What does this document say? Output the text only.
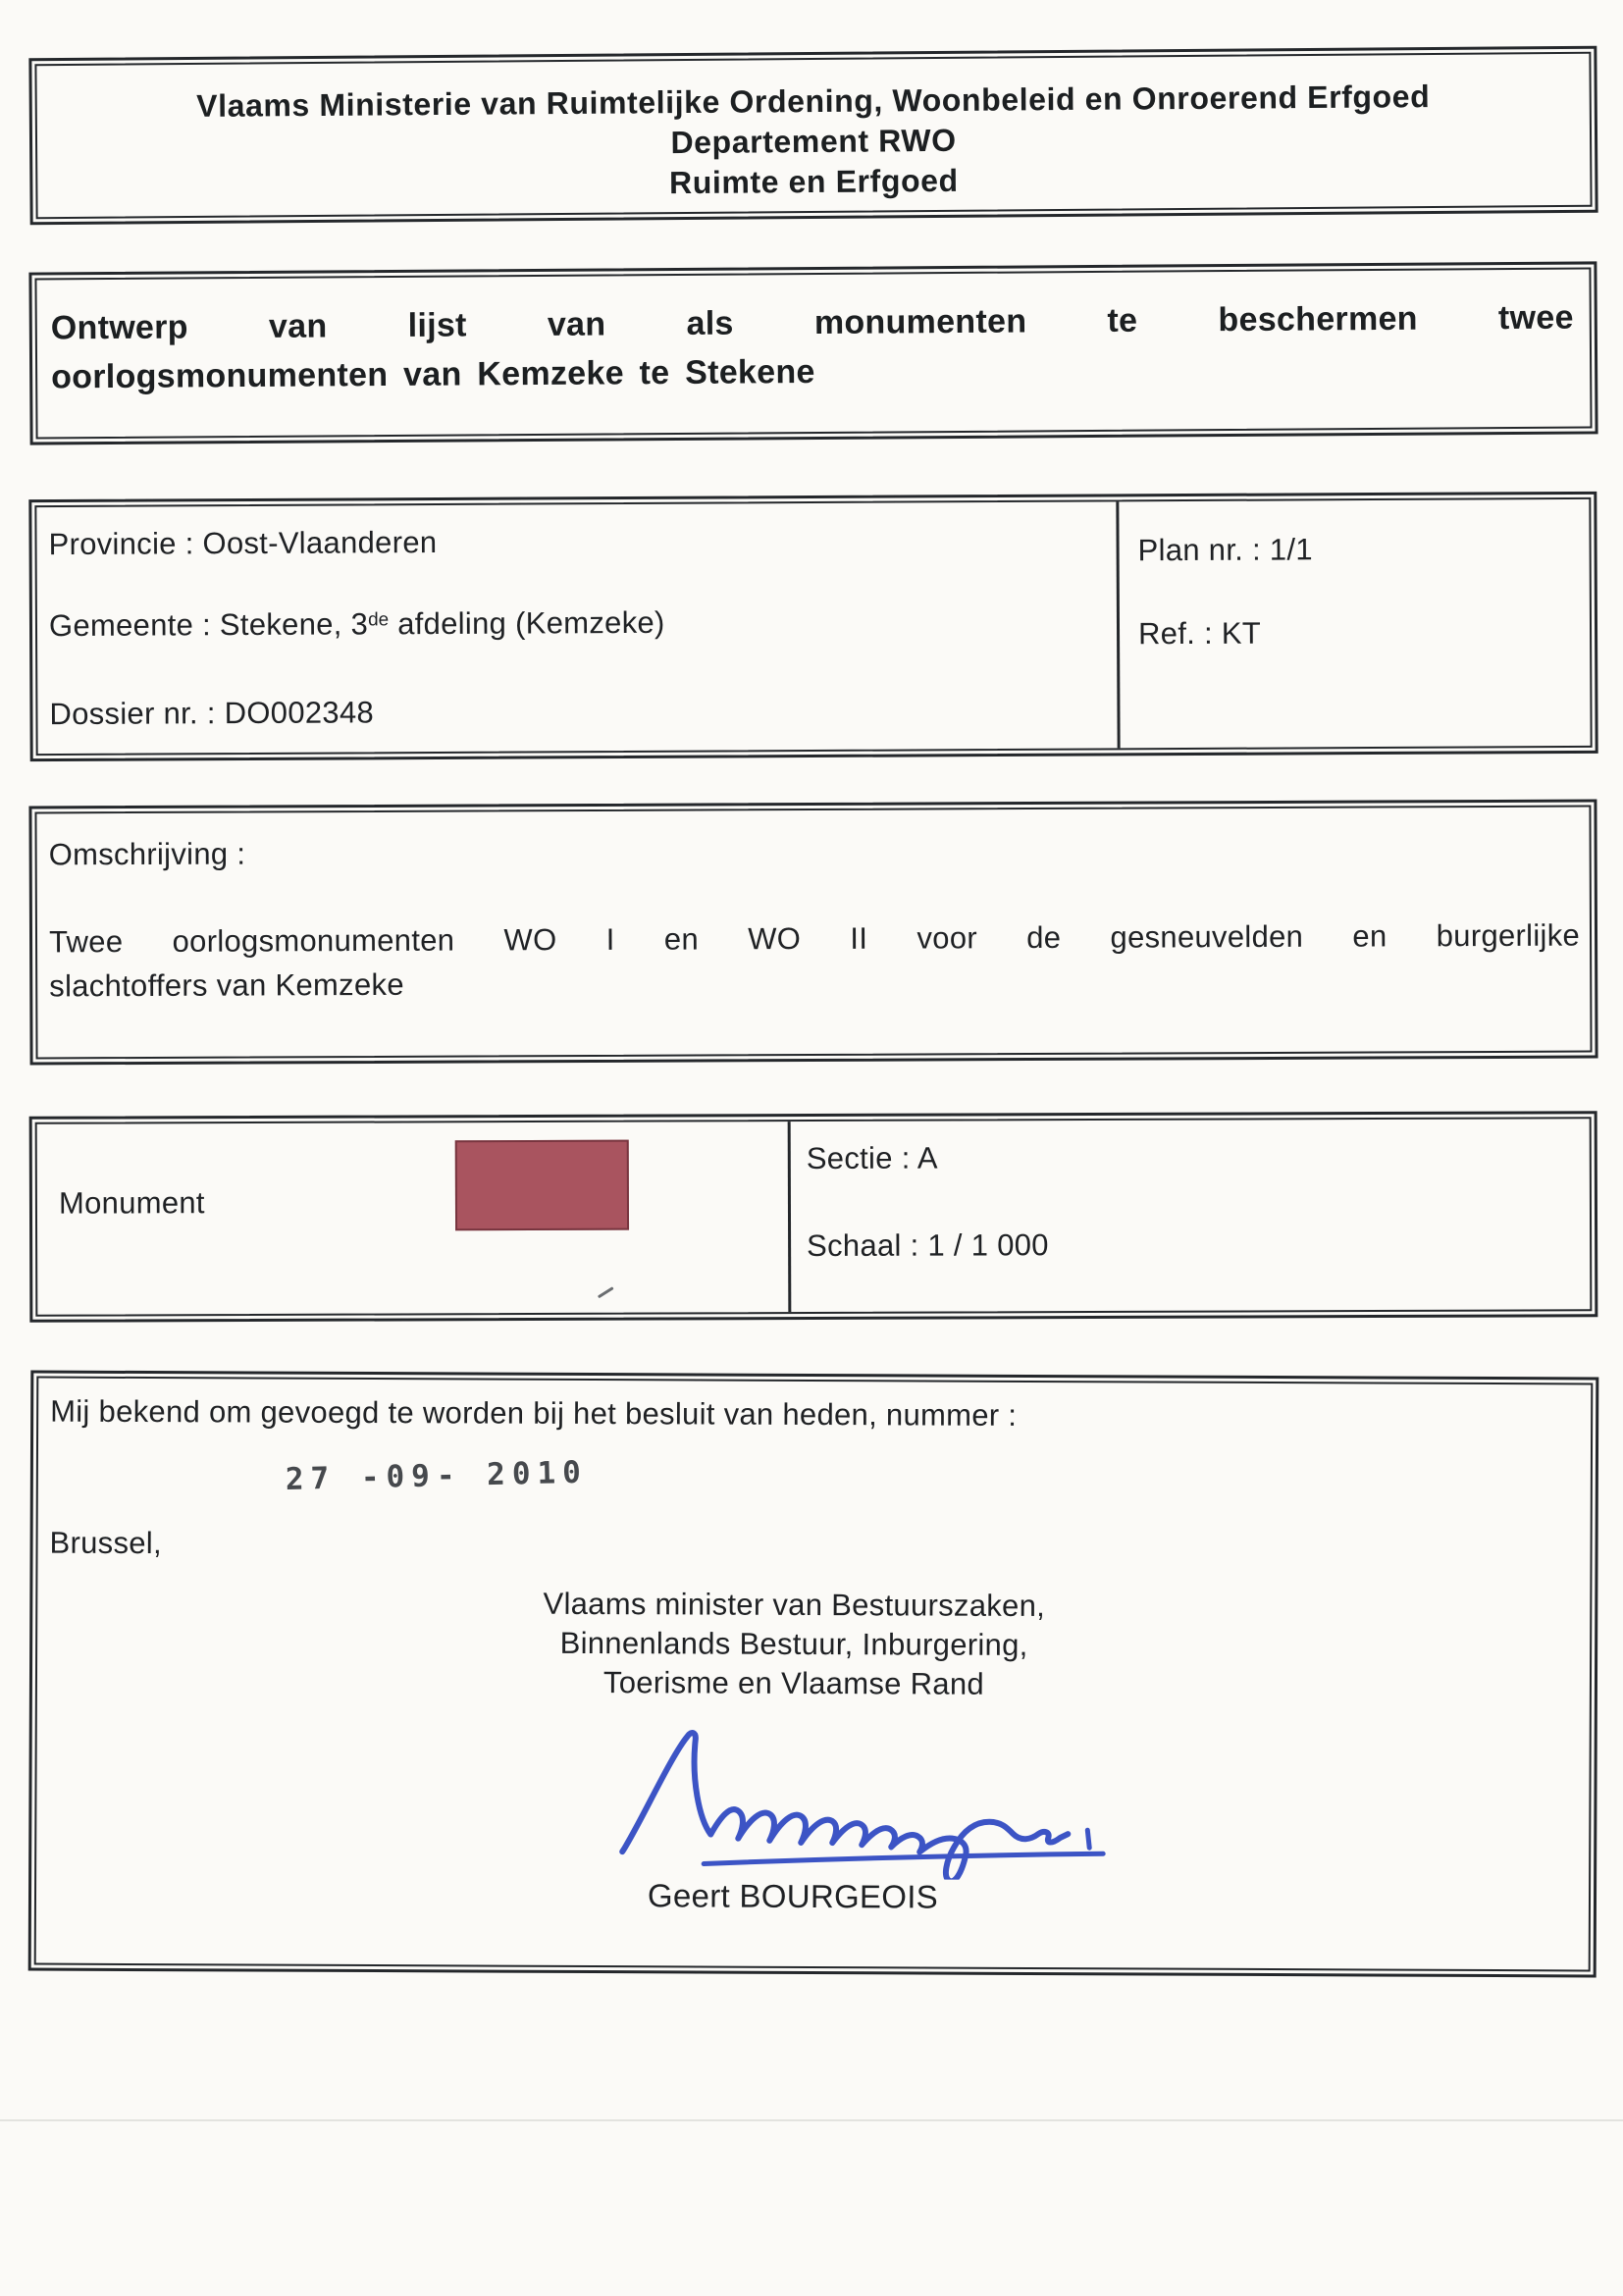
Vlaams Ministerie van Ruimtelijke Ordening, Woonbeleid en Onroerend Erfgoed
Departement RWO
Ruimte en Erfgoed
Ontwerp van lijst van als monumenten te beschermen twee
oorlogsmonumenten van Kemzeke te Stekene
Provincie : Oost-Vlaanderen
Gemeente : Stekene, 3de afdeling (Kemzeke)
Dossier nr. : DO002348
Plan nr. : 1/1
Ref. : KT
Omschrijving :
Twee oorlogsmonumenten WO I en WO II voor de gesneuvelden en burgerlijke
slachtoffers van Kemzeke
Monument
Sectie : A
Schaal : 1 / 1 000
Mij bekend om gevoegd te worden bij het besluit van heden, nummer :
27 -09- 2010
Brussel,
Vlaams minister van Bestuurszaken,
Binnenlands Bestuur, Inburgering,
Toerisme en Vlaamse Rand
Geert BOURGEOIS
